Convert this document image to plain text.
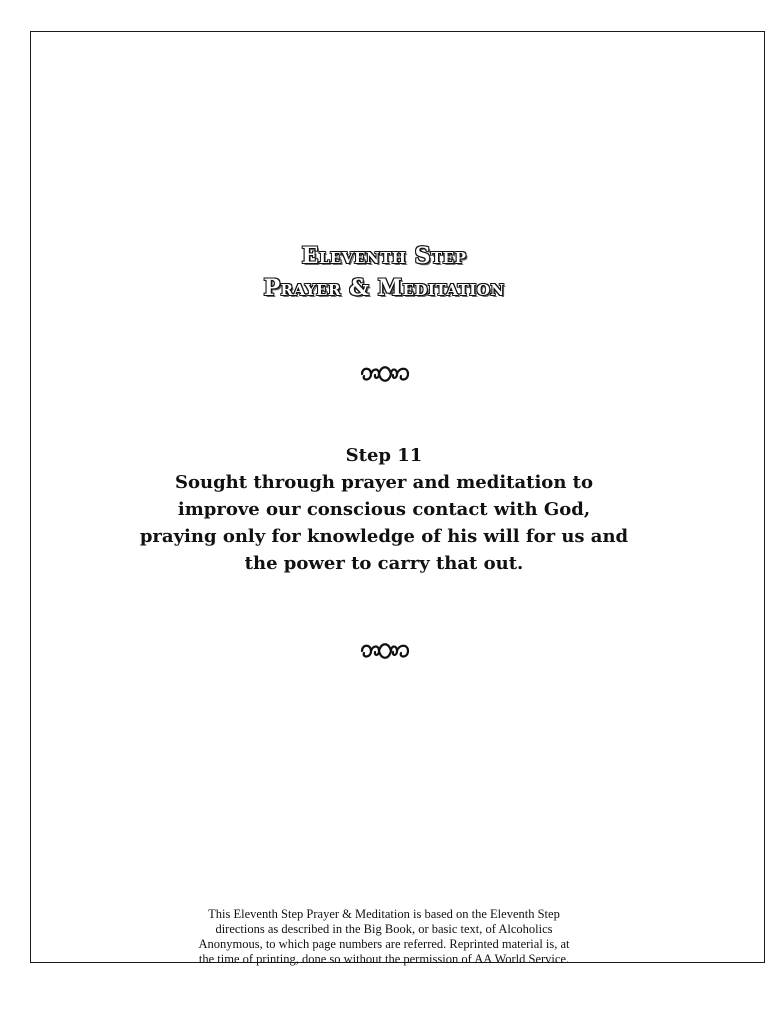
Eleventh Step
Prayer & Meditation
Step 11
Sought through prayer and meditation to
improve our conscious contact with God,
praying only for knowledge of his will for us and
the power to carry that out.
This Eleventh Step Prayer & Meditation is based on the Eleventh Step
directions as described in the Big Book, or basic text, of Alcoholics
Anonymous, to which page numbers are referred. Reprinted material is, at
the time of printing, done so without the permission of AA World Service.
